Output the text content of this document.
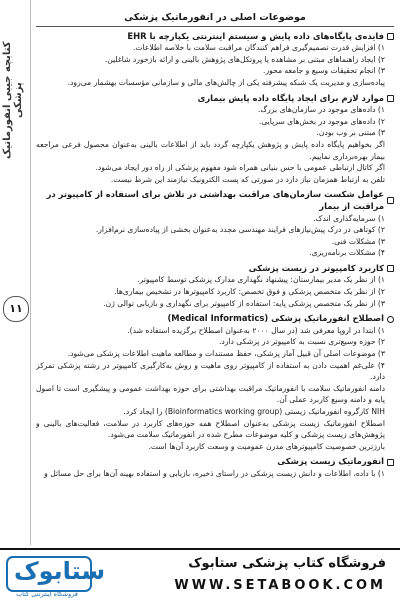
کتابچه جیبی انفورماتیک پزشکی
۱۱
موضوعات اصلی در انفورماتیک پزشکی
فایده‌ی پایگاه‌های داده پایش و سیستم اینترنتی یکپارچه با EHR
۱) افزایش قدرت تصمیم‌گیری فراهم کنندگان مراقبت سلامت با خلاصه اطلاعات.
۲) ایجاد راهنماهای مبتنی بر مشاهده یا پروتکل‌های پژوهش بالینی و ارائه بازخورد شاغلین.
۳) انجام تحقیقات وسیع و جامعه محور.
پیاده‌سازی و مدیریت یک شبکه پیشرفته یکی از چالش‌های مالی و سازمانی مؤسسات بهشمار می‌رود.
موارد لازم برای ایجاد پایگاه داده پایش بیماری
۱) داده‌های موجود در سازمان‌های بزرگ.
۲) داده‌های موجود در بخش‌های سرپایی.
۳) مبتنی بر وب بودن.
اگر بخواهیم پایگاه داده پایش و پژوهش یکپارچه گردد باید از اطلاعات بالینی به‌عنوان محصول فرعی مراجعه بیمار بهره‌برداری نماییم.
اگر کاتال ارتباطی عمومی با حس بنیانی همراه شود مفهوم پزشکی از راه دور ایجاد می‌شود.
تلفن به ارتباط همزمان نیاز دارد در صورتی که پست الکترونیک نیازمند این شرط نیست.
عوامل شکست سازمان‌های مراقبت بهداشتی در تلاش برای استفاده از کامپیوتر در مراقبت از بیمار
۱) سرمایه‌گذاری اندک.
۲) کوتاهی در درک پیش‌نیازهای فرایند مهندسی مجدد به‌عنوان بخشی از پیاده‌سازی نرم‌افزار.
۳) مشکلات فنی.
۴) مشکلات برنامه‌ریزی.
کاربرد کامپیوتر در زیست پزشکی
۱) از نظر یک مدیر بیمارستان: پیشنهاد نگهداری مدارک پزشکی توسط کامپیوتر.
۲) از نظر یک متخصص پزشکی و فوق تخصص: کاربرد کامپیوترها در تشخیص بیماری‌ها.
۳) از نظر یک متخصص پزشکی پایه: استفاده از کامپیوتر برای نگهداری و بازیابی توالی ژن.
اصطلاح انفورماتیک پزشکی (Medical Informatics)
۱) ابتدا در اروپا معرفی شد (در سال ۲۰۰۰ به‌عنوان اصطلاح برگزیده استفاده شد).
۲) حوزه وسیع‌تری نسبت به کامپیوتر در پزشکی دارد.
۳) موضوعات اصلی آن قبیل آمار پزشکی، حفظ مستندات و مطالعه ماهیت اطلاعات پزشکی می‌شود.
۴) علی‌غم اهمیت دادن به استفاده از کامپیوتر روی ماهیت و روش به‌کارگیری کامپیوتر در رشته پزشکی تمرکز دارد.
دامنه انفورماتیک سلامت با انفورماتیک مراقبت بهداشتی برای حوزه بهداشت عمومی و پیشگیری است تا اصول پایه و دامنه وسیع کاربرد عملی آن.
NIH کارگروه انفورماتیک زیستی (Bioinformatics working group) را ایجاد کرد.
اصطلاح انفورماتیک زیست پزشکی به‌عنوان اصطلاح همه حوزه‌های کاربرد در سلامت، فعالیت‌های بالینی و پژوهش‌های زیست پزشکی و کلیه موضوعات مطرح شده در انفورماتیک سلامت می‌شود.
بارزترین خصوصیت کامپیوترهای مدرن عمومیت و وسعت کاربرد آن‌ها است.
انفورماتیک زیست پزشکی
۱) با داده، اطلاعات و دانش زیست پزشکی در راستای ذخیره، بازیابی و استفاده بهینه آن‌ها برای حل مسائل و
ستابوک
فروشگاه اینترنتی کتاب
فروشگاه کتاب پزشکی ستابوک
WWW.SETABOOK.COM
